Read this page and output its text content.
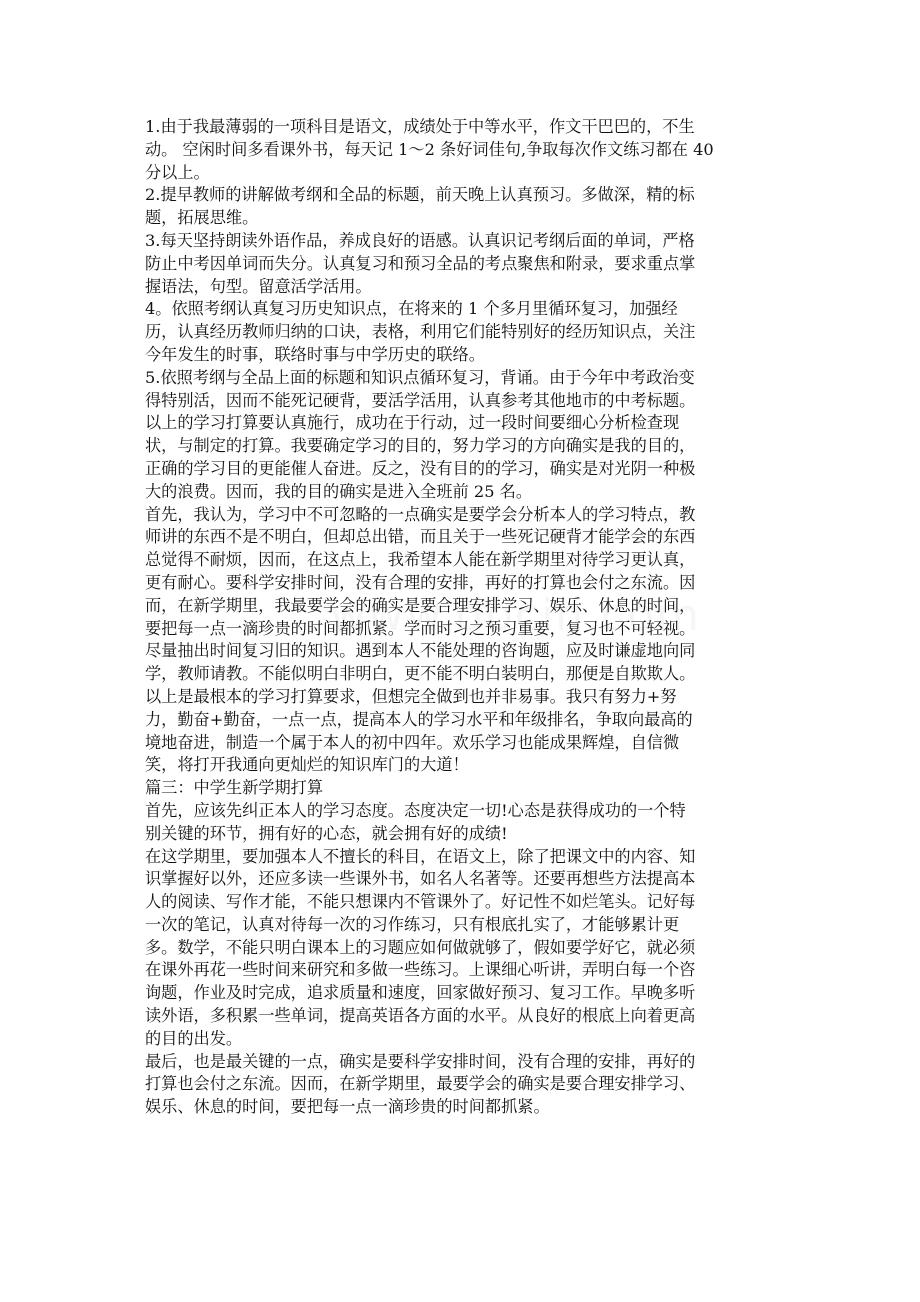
1.由于我最薄弱的一项科目是语文，成绩处于中等水平，作文干巴巴的，不生
动。 空闲时间多看课外书，每天记 1～2 条好词佳句,争取每次作文练习都在 40
分以上。
2.提早教师的讲解做考纲和全品的标题，前天晚上认真预习。多做深，精的标
题，拓展思维。
3.每天坚持朗读外语作品，养成良好的语感。认真识记考纲后面的单词，严格
防止中考因单词而失分。认真复习和预习全品的考点聚焦和附录，要求重点掌
握语法，句型。留意活学活用。
4。依照考纲认真复习历史知识点，在将来的 1 个多月里循环复习，加强经
历，认真经历教师归纳的口诀，表格，利用它们能特别好的经历知识点，关注
今年发生的时事，联络时事与中学历史的联络。
5.依照考纲与全品上面的标题和知识点循环复习，背诵。由于今年中考政治变
得特别活，因而不能死记硬背，要活学活用，认真参考其他地市的中考标题。
以上的学习打算要认真施行，成功在于行动，过一段时间要细心分析检查现
状，与制定的打算。我要确定学习的目的，努力学习的方向确实是我的目的，
正确的学习目的更能催人奋进。反之，没有目的的学习，确实是对光阴一种极
大的浪费。因而，我的目的确实是进入全班前 25 名。
首先，我认为，学习中不可忽略的一点确实是要学会分析本人的学习特点，教
师讲的东西不是不明白，但却总出错，而且关于一些死记硬背才能学会的东西
总觉得不耐烦，因而，在这点上，我希望本人能在新学期里对待学习更认真，
更有耐心。要科学安排时间，没有合理的安排，再好的打算也会付之东流。因
而，在新学期里，我最要学会的确实是要合理安排学习、娱乐、休息的时间，
要把每一点一滴珍贵的时间都抓紧。学而时习之预习重要，复习也不可轻视。
尽量抽出时间复习旧的知识。遇到本人不能处理的咨询题，应及时谦虚地向同
学，教师请教。不能似明白非明白，更不能不明白装明白，那便是自欺欺人。
以上是最根本的学习打算要求，但想完全做到也并非易事。我只有努力+努
力，勤奋+勤奋，一点一点，提高本人的学习水平和年级排名，争取向最高的
境地奋进，制造一个属于本人的初中四年。欢乐学习也能成果辉煌，自信微
笑，将打开我通向更灿烂的知识库门的大道！
篇三：中学生新学期打算
首先，应该先纠正本人的学习态度。态度决定一切!心态是获得成功的一个特
别关键的环节，拥有好的心态，就会拥有好的成绩!
在这学期里，要加强本人不擅长的科目，在语文上，除了把课文中的内容、知
识掌握好以外，还应多读一些课外书，如名人名著等。还要再想些方法提高本
人的阅读、写作才能，不能只想课内不管课外了。好记性不如烂笔头。记好每
一次的笔记，认真对待每一次的习作练习，只有根底扎实了，才能够累计更
多。数学，不能只明白课本上的习题应如何做就够了，假如要学好它，就必须
在课外再花一些时间来研究和多做一些练习。上课细心听讲，弄明白每一个咨
询题，作业及时完成，追求质量和速度，回家做好预习、复习工作。早晚多听
读外语，多积累一些单词，提高英语各方面的水平。从良好的根底上向着更高
的目的出发。
最后，也是最关键的一点，确实是要科学安排时间，没有合理的安排，再好的
打算也会付之东流。因而，在新学期里，最要学会的确实是要合理安排学习、
娱乐、休息的时间，要把每一点一滴珍贵的时间都抓紧。
